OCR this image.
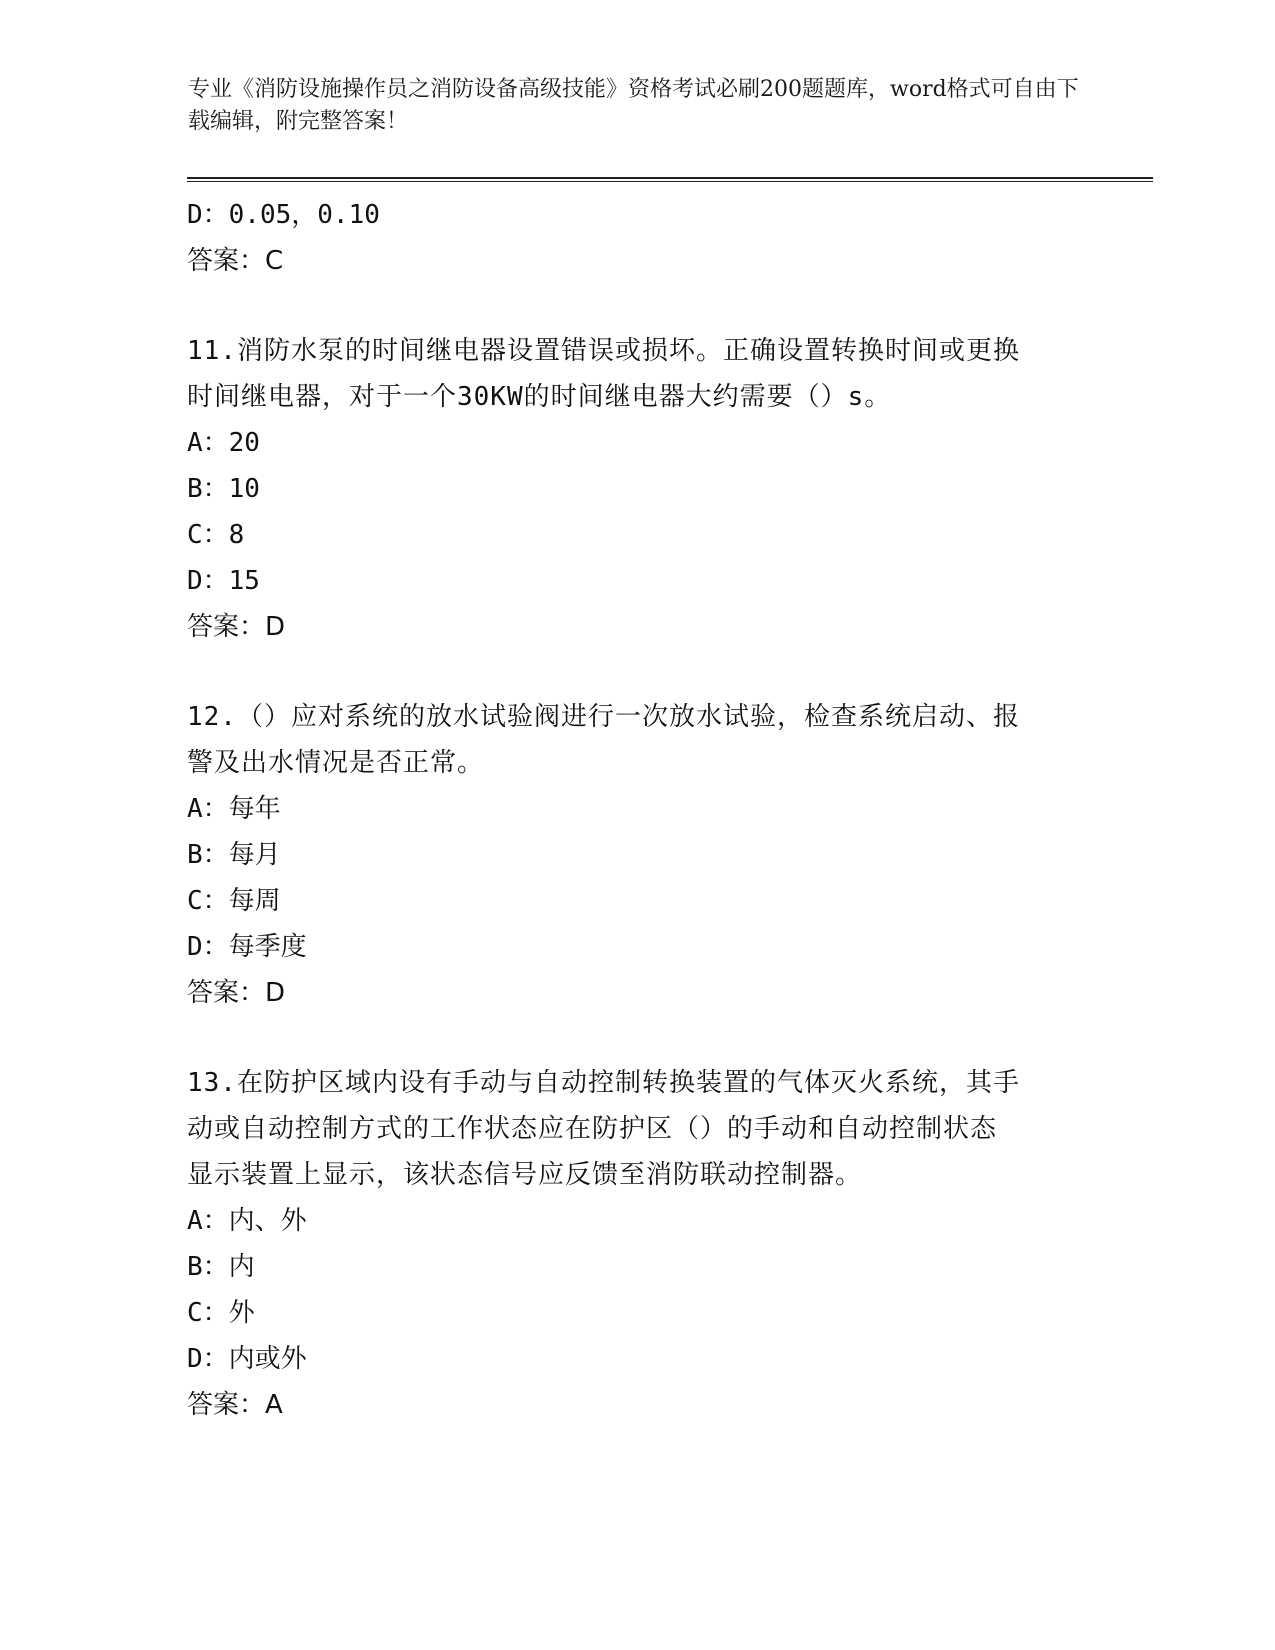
专业《消防设施操作员之消防设备高级技能》资格考试必刷200题题库，word格式可自由下载编辑，附完整答案！
D：0.05，0.10
答案：C
11.消防水泵的时间继电器设置错误或损坏。正确设置转换时间或更换
时间继电器，对于一个30KW的时间继电器大约需要（）s。
A：20
B：10
C：8
D：15
答案：D
12.（）应对系统的放水试验阀进行一次放水试验，检查系统启动、报
警及出水情况是否正常。
A：每年
B：每月
C：每周
D：每季度
答案：D
13.在防护区域内设有手动与自动控制转换装置的气体灭火系统，其手
动或自动控制方式的工作状态应在防护区（）的手动和自动控制状态
显示装置上显示，该状态信号应反馈至消防联动控制器。
A：内、外
B：内
C：外
D：内或外
答案：A
